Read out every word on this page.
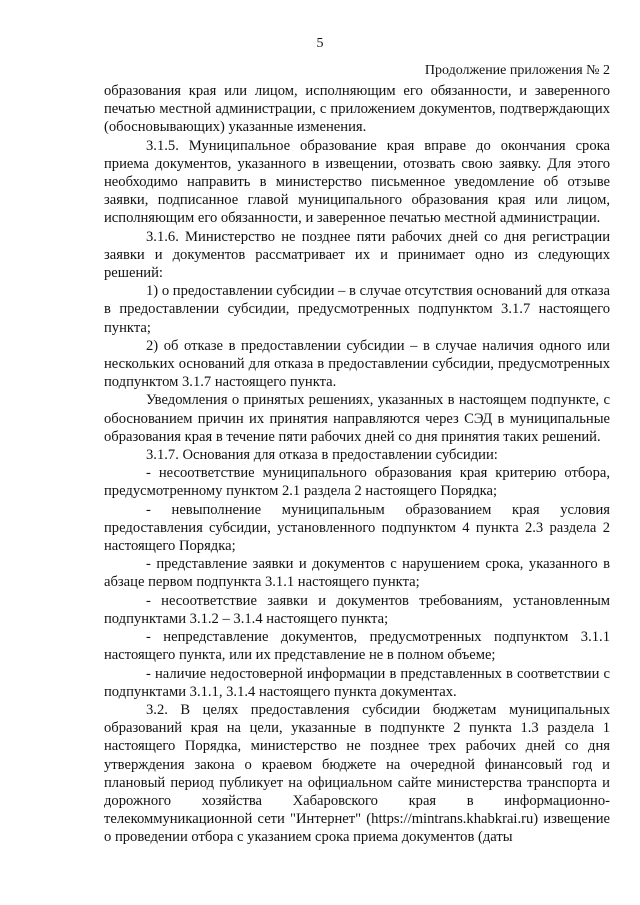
5
Продолжение приложения № 2

образования края или лицом, исполняющим его обязанности, и заверенного печатью местной администрации, с приложением документов, подтверждающих (обосновывающих) указанные изменения.

3.1.5. Муниципальное образование края вправе до окончания срока приема документов, указанного в извещении, отозвать свою заявку. Для этого необходимо направить в министерство письменное уведомление об отзыве заявки, подписанное главой муниципального образования края или лицом, исполняющим его обязанности, и заверенное печатью местной администрации.

3.1.6. Министерство не позднее пяти рабочих дней со дня регистрации заявки и документов рассматривает их и принимает одно из следующих решений:

1) о предоставлении субсидии – в случае отсутствия оснований для отказа в предоставлении субсидии, предусмотренных подпунктом 3.1.7 настоящего пункта;

2) об отказе в предоставлении субсидии – в случае наличия одного или нескольких оснований для отказа в предоставлении субсидии, предусмотренных подпунктом 3.1.7 настоящего пункта.

Уведомления о принятых решениях, указанных в настоящем подпункте, с обоснованием причин их принятия направляются через СЭД в муниципальные образования края в течение пяти рабочих дней со дня принятия таких решений.

3.1.7. Основания для отказа в предоставлении субсидии:

- несоответствие муниципального образования края критерию отбора, предусмотренному пунктом 2.1 раздела 2 настоящего Порядка;

- невыполнение муниципальным образованием края условия предоставления субсидии, установленного подпунктом 4 пункта 2.3 раздела 2 настоящего Порядка;

- представление заявки и документов с нарушением срока, указанного в абзаце первом подпункта 3.1.1 настоящего пункта;

- несоответствие заявки и документов требованиям, установленным подпунктами 3.1.2 – 3.1.4 настоящего пункта;

- непредставление документов, предусмотренных подпунктом 3.1.1 настоящего пункта, или их представление не в полном объеме;

- наличие недостоверной информации в представленных в соответствии с подпунктами 3.1.1, 3.1.4 настоящего пункта документах.

3.2. В целях предоставления субсидии бюджетам муниципальных образований края на цели, указанные в подпункте 2 пункта 1.3 раздела 1 настоящего Порядка, министерство не позднее трех рабочих дней со дня утверждения закона о краевом бюджете на очередной финансовый год и плановый период публикует на официальном сайте министерства транспорта и дорожного хозяйства Хабаровского края в информационно-телекоммуникационной сети "Интернет" (https://mintrans.khabkrai.ru) извещение о проведении отбора с указанием срока приема документов (даты
